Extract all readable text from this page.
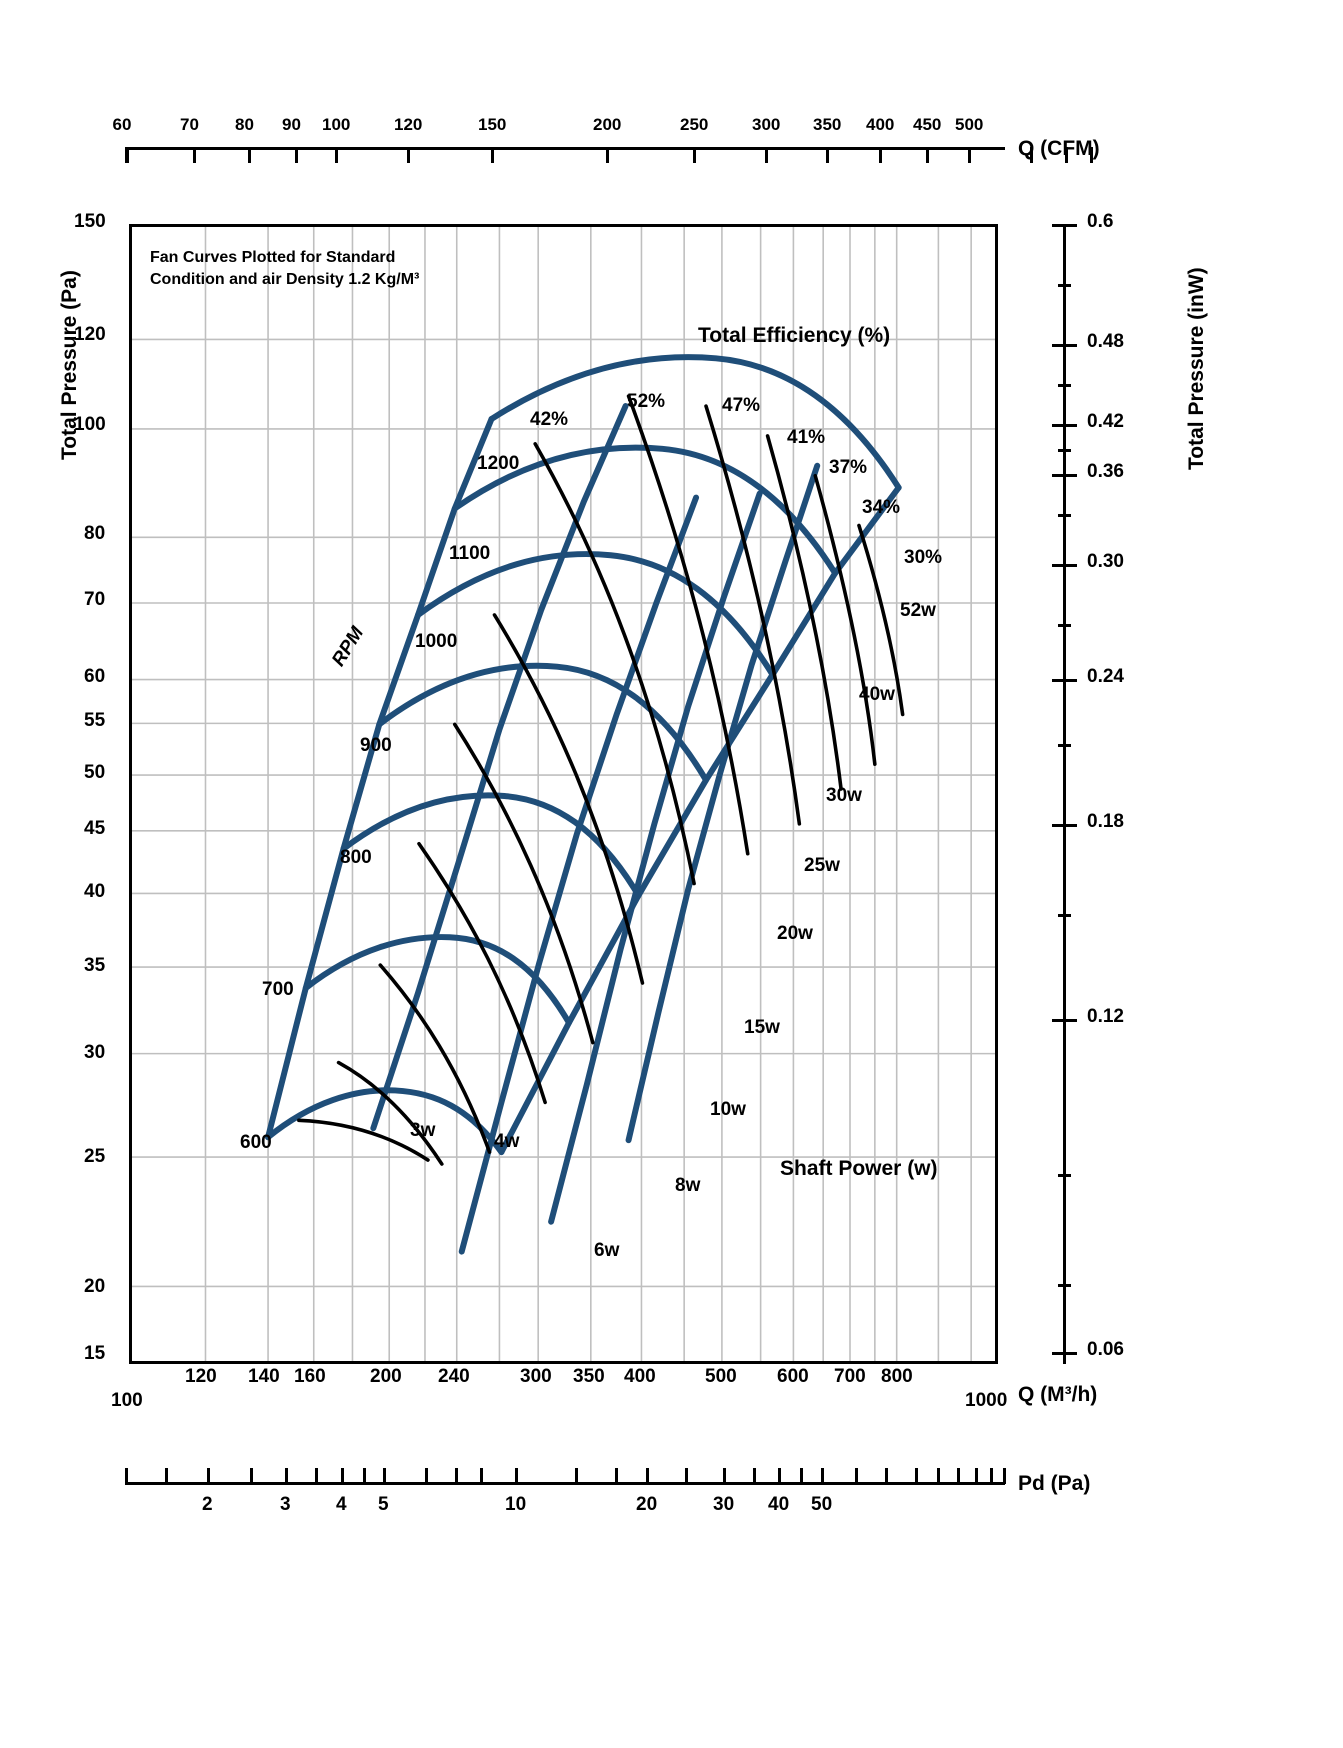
60	70 80 90 100	120	150	200	250	300 350 400 450 500
Q (CFM)
Total Pressure (Pa)
150
120
100
80
70
60
55
50
45
40
35
30
25
20
15
0.6
0.48
0.42
0.36
0.30
0.24
0.18
0.12
0.06
Total Pressure (inW)
Fan Curves Plotted for Standard
Condition and air Density 1.2 Kg/M³
Total Efficiency (%)
Shaft Power (w)
RPM
600
700
800
900
1000
1100
1200
42%
52%	47%
41%
37%
34%
30%
3w
4w
6w
8w
10w
15w
20w
25w
30w
40w
52w
100
120 140 160 200 240	300 350 400	500 600 700 800
1000 Q (M³/h)
2	3 4 5	10	20	30 40 50
Pd (Pa)
